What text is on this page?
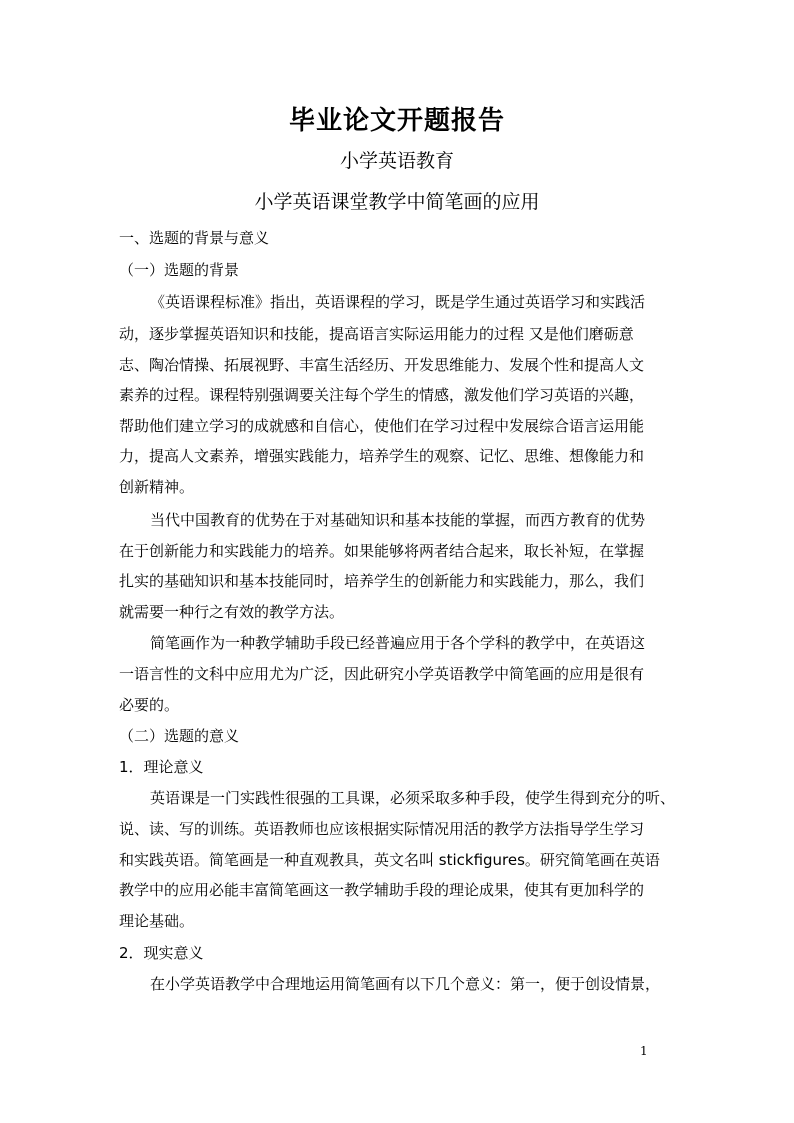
毕业论文开题报告
小学英语教育
小学英语课堂教学中简笔画的应用
一、选题的背景与意义
（一）选题的背景
《英语课程标准》指出，英语课程的学习，既是学生通过英语学习和实践活
动，逐步掌握英语知识和技能，提高语言实际运用能力的过程 又是他们磨砺意
志、陶冶情操、拓展视野、丰富生活经历、开发思维能力、发展个性和提高人文
素养的过程。课程特别强调要关注每个学生的情感，激发他们学习英语的兴趣，
帮助他们建立学习的成就感和自信心，使他们在学习过程中发展综合语言运用能
力，提高人文素养，增强实践能力，培养学生的观察、记忆、思维、想像能力和
创新精神。
当代中国教育的优势在于对基础知识和基本技能的掌握，而西方教育的优势
在于创新能力和实践能力的培养。如果能够将两者结合起来，取长补短，在掌握
扎实的基础知识和基本技能同时，培养学生的创新能力和实践能力，那么，我们
就需要一种行之有效的教学方法。
简笔画作为一种教学辅助手段已经普遍应用于各个学科的教学中，在英语这
一语言性的文科中应用尤为广泛，因此研究小学英语教学中简笔画的应用是很有
必要的。
（二）选题的意义
1．理论意义
英语课是一门实践性很强的工具课，必须采取多种手段，使学生得到充分的听、
说、读、写的训练。英语教师也应该根据实际情况用活的教学方法指导学生学习
和实践英语。简笔画是一种直观教具，英文名叫 stickfigures。研究简笔画在英语
教学中的应用必能丰富简笔画这一教学辅助手段的理论成果，使其有更加科学的
理论基础。
2．现实意义
在小学英语教学中合理地运用简笔画有以下几个意义：第一，便于创设情景，
1
